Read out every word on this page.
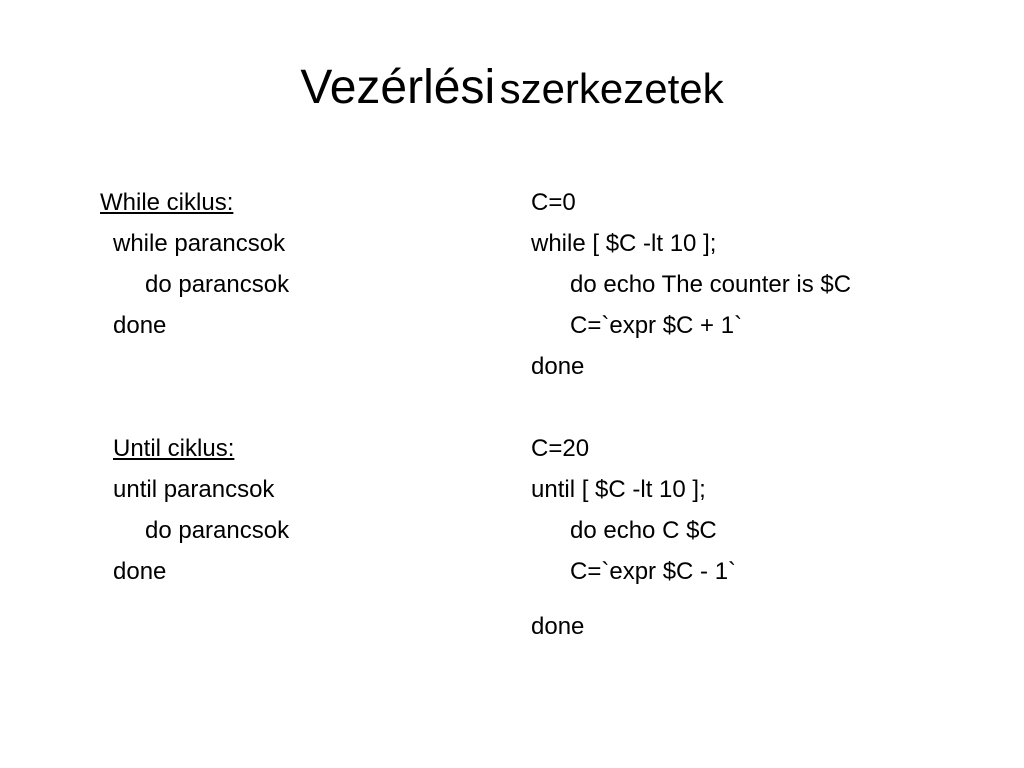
Vezérlési szerkezetek
While ciklus:
while parancsok
do parancsok
done
Until ciklus:
until parancsok
do parancsok
done
C=0
while [ $C -lt 10 ];
do echo The counter is $C
C=`expr $C + 1`
done
C=20
until [ $C -lt 10 ];
do echo C $C
C=`expr $C - 1`
done
